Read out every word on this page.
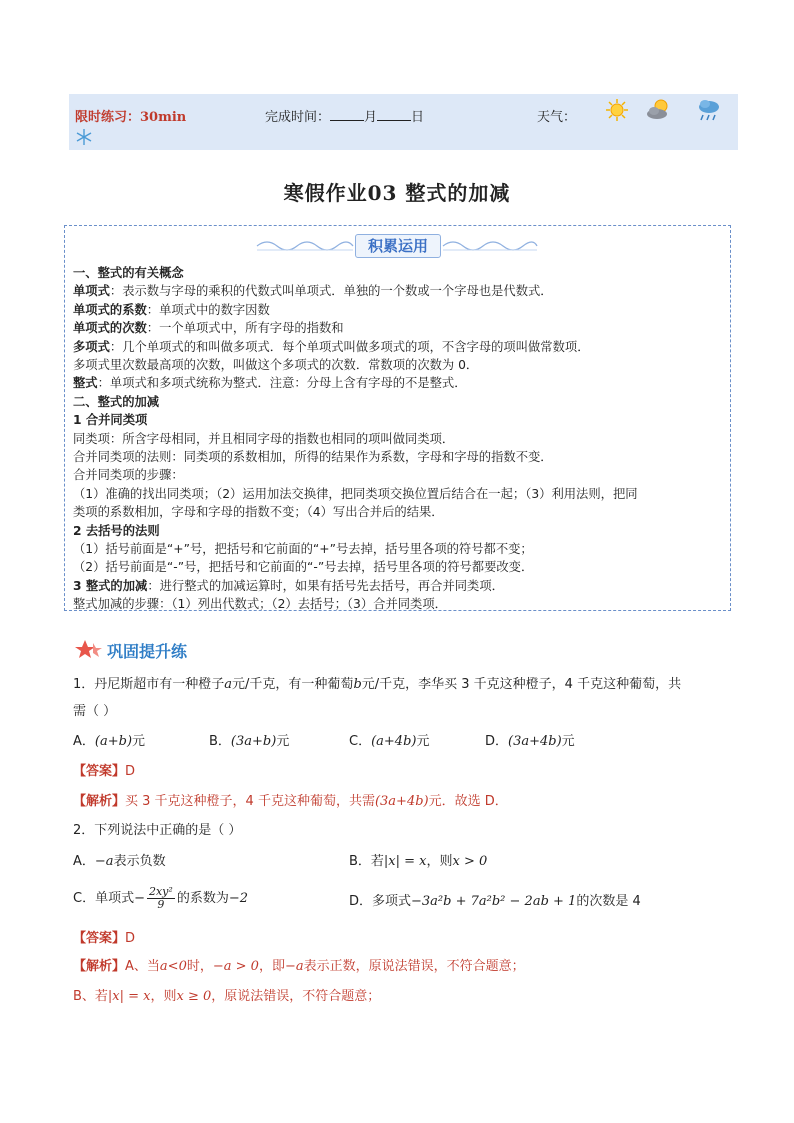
限时练习：30min	完成时间：	月	日	天气：
寒假作业03 整式的加减
积累运用
一、整式的有关概念
单项式：表示数与字母的乘积的代数式叫单项式．单独的一个数或一个字母也是代数式．
单项式的系数：单项式中的数字因数
单项式的次数：一个单项式中，所有字母的指数和
多项式：几个单项式的和叫做多项式．每个单项式叫做多项式的项，不含字母的项叫做常数项．
多项式里次数最高项的次数，叫做这个多项式的次数．常数项的次数为 0．
整式：单项式和多项式统称为整式．注意：分母上含有字母的不是整式．
二、整式的加减
1 合并同类项
同类项：所含字母相同，并且相同字母的指数也相同的项叫做同类项．
合并同类项的法则：同类项的系数相加，所得的结果作为系数，字母和字母的指数不变．
合并同类项的步骤：
（1）准确的找出同类项；（2）运用加法交换律，把同类项交换位置后结合在一起；（3）利用法则，把同
类项的系数相加，字母和字母的指数不变；（4）写出合并后的结果．
2 去括号的法则
（1）括号前面是“+”号，把括号和它前面的“+”号去掉，括号里各项的符号都不变；
（2）括号前面是“-”号，把括号和它前面的“-”号去掉，括号里各项的符号都要改变．
3 整式的加减：进行整式的加减运算时，如果有括号先去括号，再合并同类项．
整式加减的步骤：（1）列出代数式；（2）去括号；（3）合并同类项．
巩固提升练
1．丹尼斯超市有一种橙子a元/千克，有一种葡萄b元/千克，李华买 3 千克这种橙子，4 千克这种葡萄，共
需（ ）
A．(a+b)元	B．(3a+b)元	C．(a+4b)元	D．(3a+4b)元
【答案】D
【解析】买 3 千克这种橙子，4 千克这种葡萄，共需(3a+4b)元．故选 D．
2．下列说法中正确的是（ ）
A．−a表示负数	B．若|x| = x，则x > 0
C．单项式− $\frac{\text{2xy²}}{9}$ 的系数为−2	D．多项式−3a²b + 7a²b² − 2ab + 1的次数是 4
【答案】D
【解析】A、当a<0时，−a > 0，即−a表示正数，原说法错误，不符合题意；
B、若|x| = x，则x ≥ 0，原说法错误，不符合题意；
